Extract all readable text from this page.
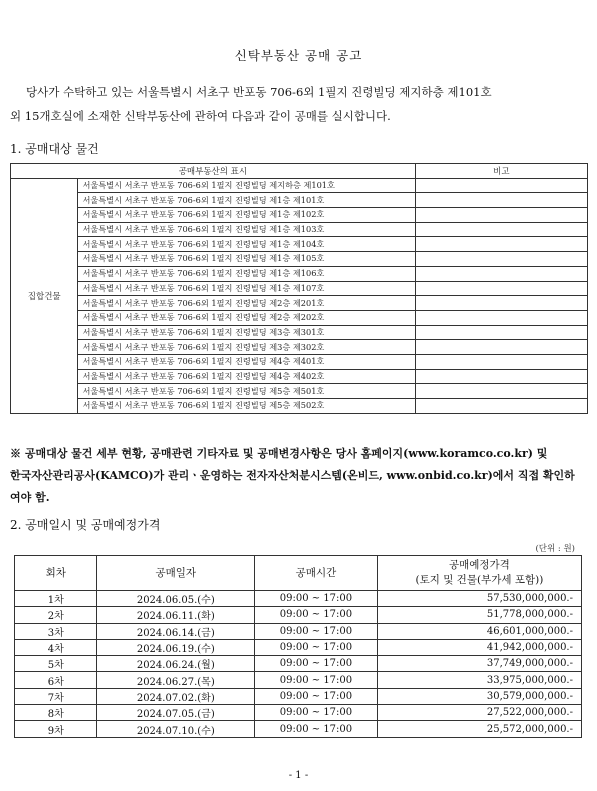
신탁부동산 공매 공고
당사가 수탁하고 있는 서울특별시 서초구 반포동 706-6외 1필지 진령빌딩 제지하층 제101호
외 15개호실에 소재한 신탁부동산에 관하여 다음과 같이 공매를 실시합니다.
1. 공매대상 물건
공매부동산의 표시		비고
집합건물	서울특별시 서초구 반포동 706-6외 1필지 진령빌딩 제지하층 제101호	
	서울특별시 서초구 반포동 706-6외 1필지 진령빌딩 제1층 제101호	
	서울특별시 서초구 반포동 706-6외 1필지 진령빌딩 제1층 제102호	
	서울특별시 서초구 반포동 706-6외 1필지 진령빌딩 제1층 제103호	
	서울특별시 서초구 반포동 706-6외 1필지 진령빌딩 제1층 제104호	
	서울특별시 서초구 반포동 706-6외 1필지 진령빌딩 제1층 제105호	
	서울특별시 서초구 반포동 706-6외 1필지 진령빌딩 제1층 제106호	
	서울특별시 서초구 반포동 706-6외 1필지 진령빌딩 제1층 제107호	
	서울특별시 서초구 반포동 706-6외 1필지 진령빌딩 제2층 제201호	
	서울특별시 서초구 반포동 706-6외 1필지 진령빌딩 제2층 제202호	
	서울특별시 서초구 반포동 706-6외 1필지 진령빌딩 제3층 제301호	
	서울특별시 서초구 반포동 706-6외 1필지 진령빌딩 제3층 제302호	
	서울특별시 서초구 반포동 706-6외 1필지 진령빌딩 제4층 제401호	
	서울특별시 서초구 반포동 706-6외 1필지 진령빌딩 제4층 제402호	
	서울특별시 서초구 반포동 706-6외 1필지 진령빌딩 제5층 제501호	
	서울특별시 서초구 반포동 706-6외 1필지 진령빌딩 제5층 제502호	
※ 공매대상 물건 세부 현황, 공매관련 기타자료 및 공매변경사항은 당사 홈페이지(www.koramco.co.kr) 및
한국자산관리공사(KAMCO)가 관리ㆍ운영하는 전자자산처분시스템(온비드, www.onbid.co.kr)에서 직접 확인하
여야 함.
2. 공매일시 및 공매예정가격
(단위 : 원)
회차	공매일자	공매시간	공매예정가격
(토지 및 건물(부가세 포함))
1차	2024.06.05.(수)	09:00 ~ 17:00	57,530,000,000.-
2차	2024.06.11.(화)	09:00 ~ 17:00	51,778,000,000.-
3차	2024.06.14.(금)	09:00 ~ 17:00	46,601,000,000.-
4차	2024.06.19.(수)	09:00 ~ 17:00	41,942,000,000.-
5차	2024.06.24.(월)	09:00 ~ 17:00	37,749,000,000.-
6차	2024.06.27.(목)	09:00 ~ 17:00	33,975,000,000.-
7차	2024.07.02.(화)	09:00 ~ 17:00	30,579,000,000.-
8차	2024.07.05.(금)	09:00 ~ 17:00	27,522,000,000.-
9차	2024.07.10.(수)	09:00 ~ 17:00	25,572,000,000.-
- 1 -
